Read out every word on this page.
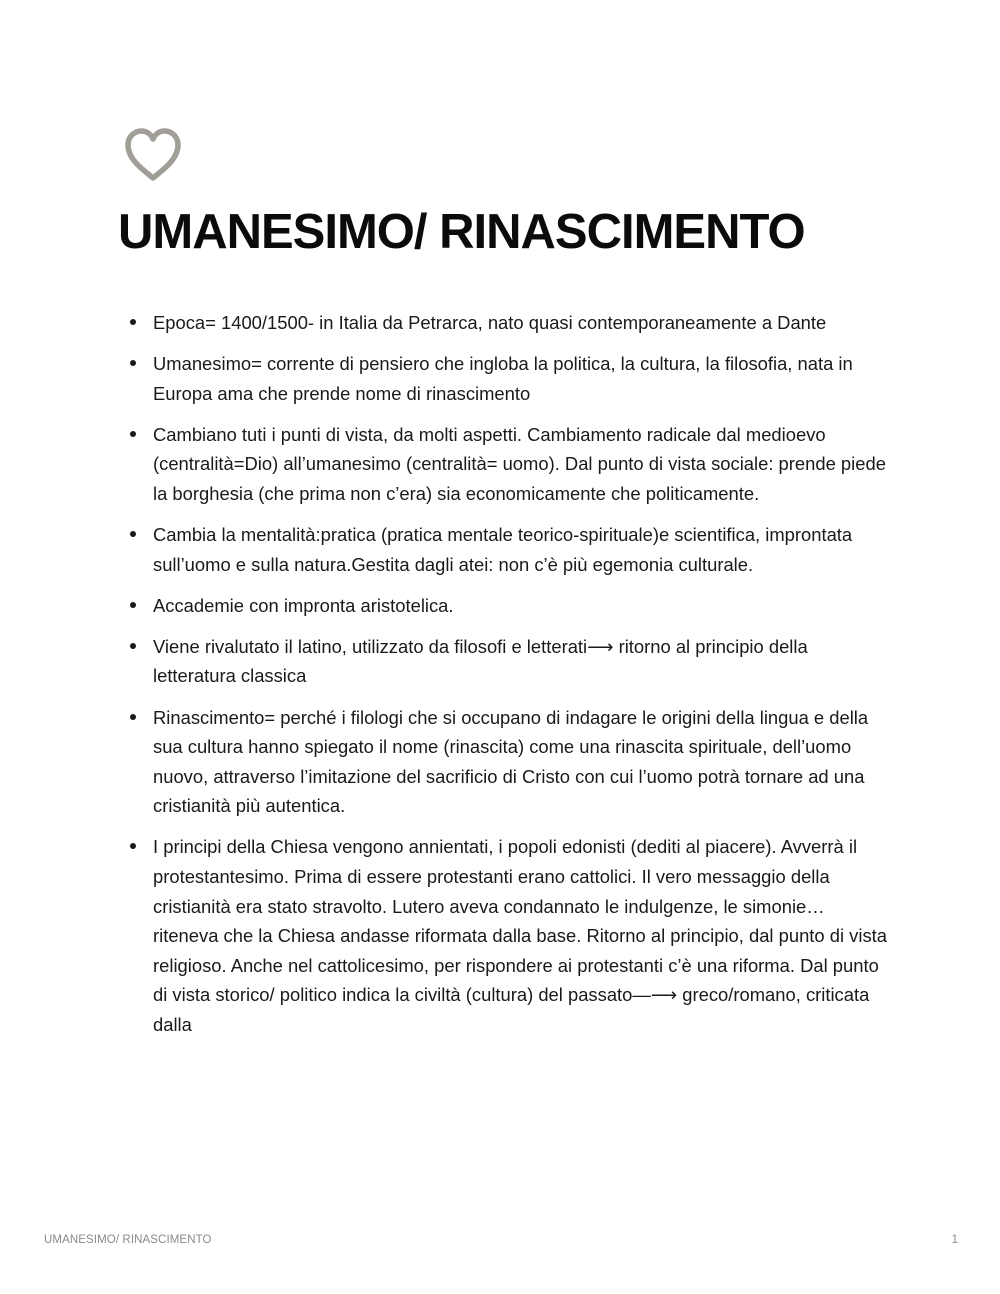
UMANESIMO/ RINASCIMENTO
Epoca= 1400/1500- in Italia da Petrarca, nato quasi contemporaneamente a Dante
Umanesimo= corrente di pensiero che ingloba la politica, la cultura, la filosofia, nata in Europa ama che prende nome di rinascimento
Cambiano tuti i punti di vista, da molti aspetti. Cambiamento radicale dal medioevo (centralità=Dio) all’umanesimo (centralità= uomo). Dal punto di vista sociale: prende piede la borghesia (che prima non c’era) sia economicamente che politicamente.
Cambia la mentalità:pratica (pratica mentale teorico-spirituale)e scientifica, improntata sull’uomo e sulla natura.Gestita dagli atei: non c’è più egemonia culturale.
Accademie con impronta aristotelica.
Viene rivalutato il latino, utilizzato da filosofi e letterati⟶ ritorno al principio della letteratura classica
Rinascimento= perché i filologi che si occupano di indagare le origini della lingua e della sua cultura hanno spiegato il nome (rinascita) come una rinascita spirituale, dell’uomo nuovo, attraverso l’imitazione del sacrificio di Cristo con cui l’uomo potrà tornare ad una cristianità più autentica.
I principi della Chiesa vengono annientati, i popoli edonisti (dediti al piacere). Avverrà il protestantesimo. Prima di essere protestanti erano cattolici. Il vero messaggio della cristianità era stato stravolto. Lutero aveva condannato le indulgenze, le simonie… riteneva che la Chiesa andasse riformata dalla base. Ritorno al principio, dal punto di vista religioso. Anche nel cattolicesimo, per rispondere ai protestanti c’è una riforma. Dal punto di vista storico/ politico indica la civiltà (cultura) del passato—⟶ greco/romano, criticata dalla
UMANESIMO/ RINASCIMENTO	1
